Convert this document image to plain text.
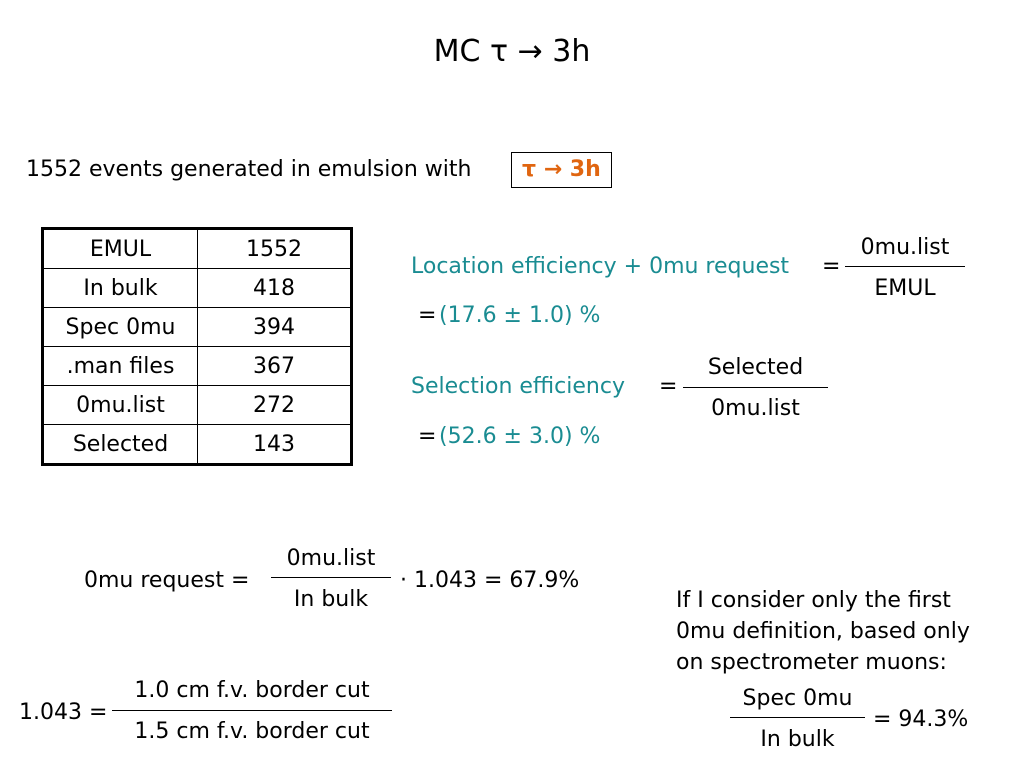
MC τ → 3h
1552 events generated in emulsion with	τ → 3h
EMUL	1552
In bulk	418
Spec 0mu	394
.man files	367
0mu.list	272
Selected	143
Location efficiency + 0mu request =
0mu.list
EMUL
= (17.6 ± 1.0) %
Selection efficiency =
Selected
0mu.list
= (52.6 ± 3.0) %
0mu request =
0mu.list
In bulk
· 1.043 = 67.9%
1.043 =
1.0 cm f.v. border cut
1.5 cm f.v. border cut
If I consider only the first
0mu definition, based only
on spectrometer muons:
Spec 0mu
In bulk
= 94.3%
